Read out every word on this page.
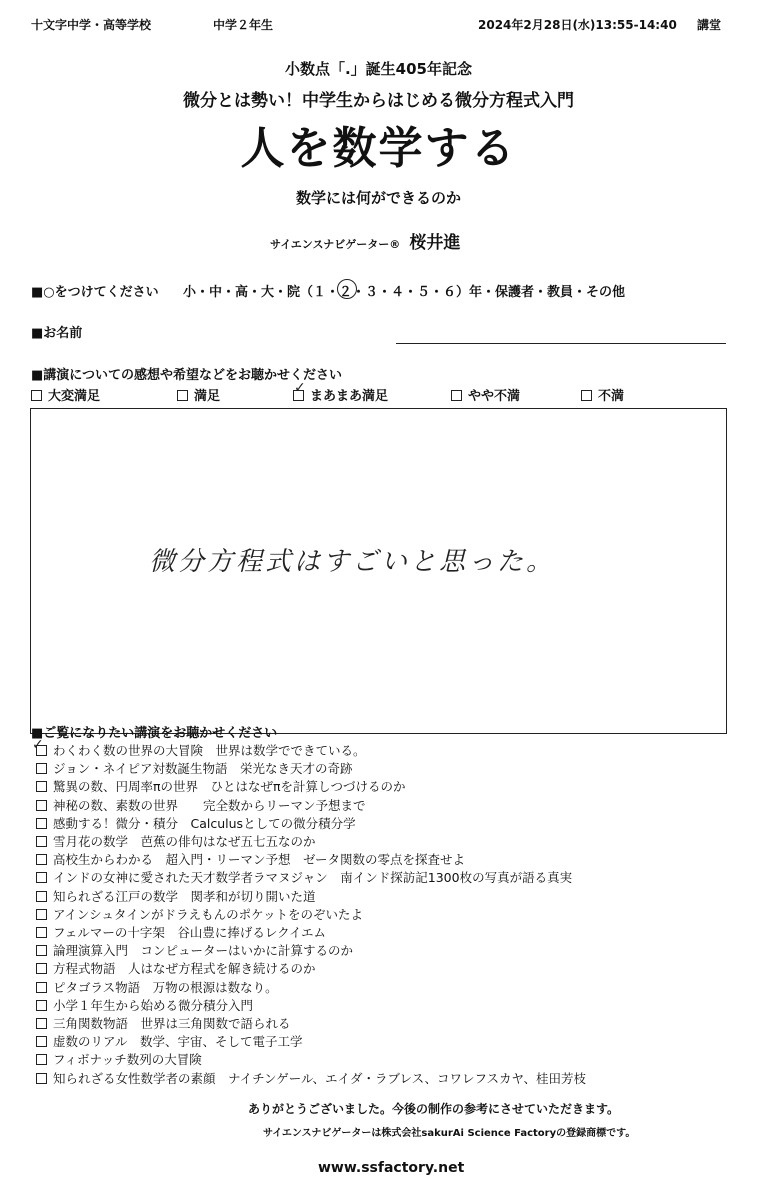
十文字中学・高等学校	中学２年生	2024年2月28日(水)13:55-14:40 講堂
小数点「.」誕生405年記念
微分とは勢い！中学生からはじめる微分方程式入門
人を数学する
数学には何ができるのか
サイエンスナビゲーター® 桜井進
■○をつけてください 小・中・高・大・院（１・２・３・４・５・６）年・保護者・教員・その他
■お名前
■講演についての感想や希望などをお聴かせください
大変満足	満足	まあまあ満足
✓
やや不満	不満
微分方程式はすごいと思った。
■ご覧になりたい講演をお聴かせください
わくわく数の世界の大冒険　世界は数学でできている。
✓
ジョン・ネイピア対数誕生物語　栄光なき天才の奇跡
驚異の数、円周率πの世界　ひとはなぜπを計算しつづけるのか
神秘の数、素数の世界　　完全数からリーマン予想まで
感動する！微分・積分　Calculusとしての微分積分学
雪月花の数学　芭蕉の俳句はなぜ五七五なのか
高校生からわかる　超入門・リーマン予想　ゼータ関数の零点を探査せよ
インドの女神に愛された天才数学者ラマヌジャン　南インド探訪記1300枚の写真が語る真実
知られざる江戸の数学　関孝和が切り開いた道
アインシュタインがドラえもんのポケットをのぞいたよ
フェルマーの十字架　谷山豊に捧げるレクイエム
論理演算入門　コンピューターはいかに計算するのか
方程式物語　人はなぜ方程式を解き続けるのか
ピタゴラス物語　万物の根源は数なり。
小学１年生から始める微分積分入門
三角関数物語　世界は三角関数で語られる
虚数のリアル　数学、宇宙、そして電子工学
フィボナッチ数列の大冒険
知られざる女性数学者の素顔　ナイチンゲール、エイダ・ラブレス、コワレフスカヤ、桂田芳枝
ありがとうございました。今後の制作の参考にさせていただきます。
サイエンスナビゲーターは株式会社sakurAi Science Factoryの登録商標です。
www.ssfactory.net
